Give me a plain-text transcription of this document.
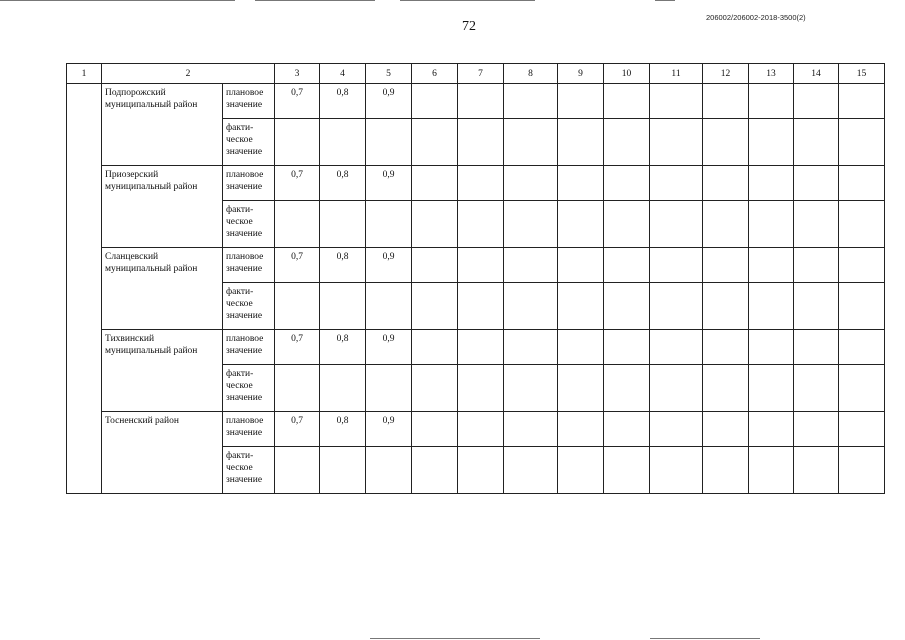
72
206002/206002-2018-3500(2)
1	2		3	4	5	6	7	8	9	10	11	12	13	14	15
	Подпорожский муниципальный район	плановое значение	0,7	0,8	0,9										
		факти-ческое значение													
	Приозерский муниципальный район	плановое значение	0,7	0,8	0,9										
		факти-ческое значение													
	Сланцевский муниципальный район	плановое значение	0,7	0,8	0,9										
		факти-ческое значение													
	Тихвинский муниципальный район	плановое значение	0,7	0,8	0,9										
		факти-ческое значение													
	Тосненский район	плановое значение	0,7	0,8	0,9										
		факти-ческое значение													
